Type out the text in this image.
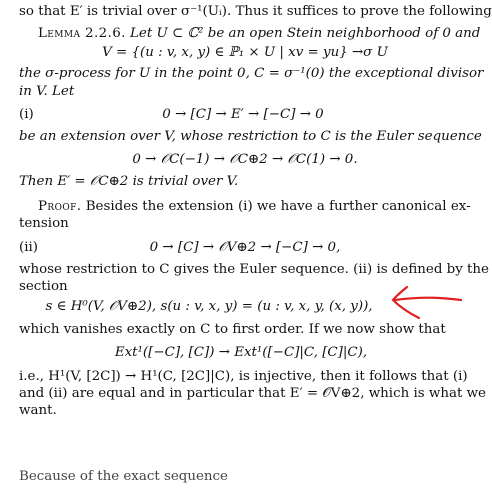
so that E′ is trivial over σ⁻¹(Uᵢ). Thus it suffices to prove the following
Lemma 2.2.6. Let U ⊂ ℂ² be an open Stein neighborhood of 0 and
V = {(u : v, x, y) ∈ ℙ₁ × U | xv = yu} →σ U
the σ-process for U in the point 0, C = σ⁻¹(0) the exceptional divisor
in V. Let
(i)	0 → [C] → E′ → [−C] → 0
be an extension over V, whose restriction to C is the Euler sequence
0 → 𝒪C(−1) → 𝒪C⊕2 → 𝒪C(1) → 0.
Then E′ = 𝒪C⊕2 is trivial over V.
Proof. Besides the extension (i) we have a further canonical ex-
tension
(ii)	0 → [C] → 𝒪V⊕2 → [−C] → 0,
whose restriction to C gives the Euler sequence. (ii) is defined by the
section
s ∈ H⁰(V, 𝒪V⊕2), s(u : v, x, y) = (u : v, x, y, (x, y)),
which vanishes exactly on C to first order. If we now show that
Ext¹([−C], [C]) → Ext¹([−C]|C, [C]|C),
i.e., H¹(V, [2C]) → H¹(C, [2C]|C), is injective, then it follows that (i)
and (ii) are equal and in particular that E′ = 𝒪V⊕2, which is what we
want.
Because of the exact sequence
